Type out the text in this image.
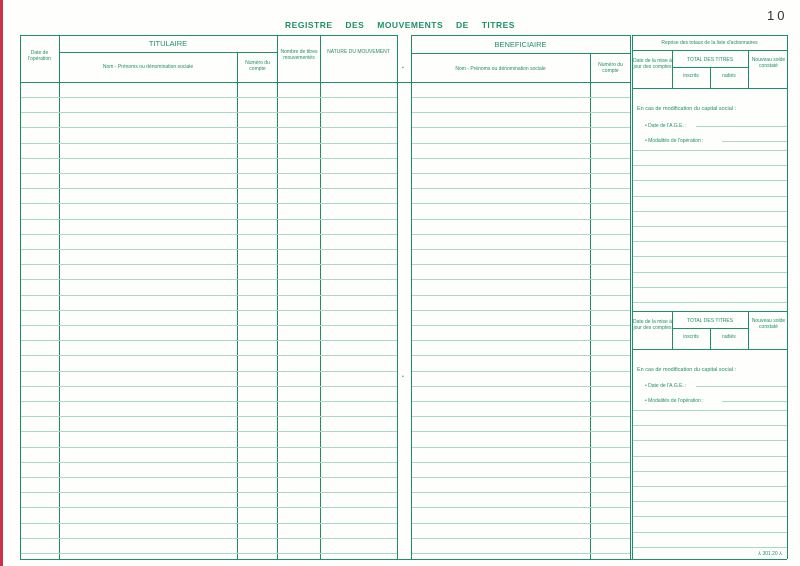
10
REGISTRE DES MOUVEMENTS DE TITRES
Date de l'opération
TITULAIRE
Nom - Prénoms ou dénomination sociale
Numéro du compte
Nombre de titres mouvementés
NATURE DU MOUVEMENT
BENEFICIAIRE
Nom - Prénoms ou dénomination sociale
Numéro du compte
•
•
Reprise des totaux de la liste d'actionnaires
Date de la mise à jour des comptes
TOTAL DES TITRES
inscrits	radiés
Nouveau solde constaté
En cas de modification du capital social :
• Date de l'A.G.E. :
• Modalités de l'opération :
Date de la mise à jour des comptes
TOTAL DES TITRES
inscrits	radiés
Nouveau solde constaté
En cas de modification du capital social :
• Date de l'A.G.E. :
• Modalités de l'opération :
⅄ 301.20 ⅄
